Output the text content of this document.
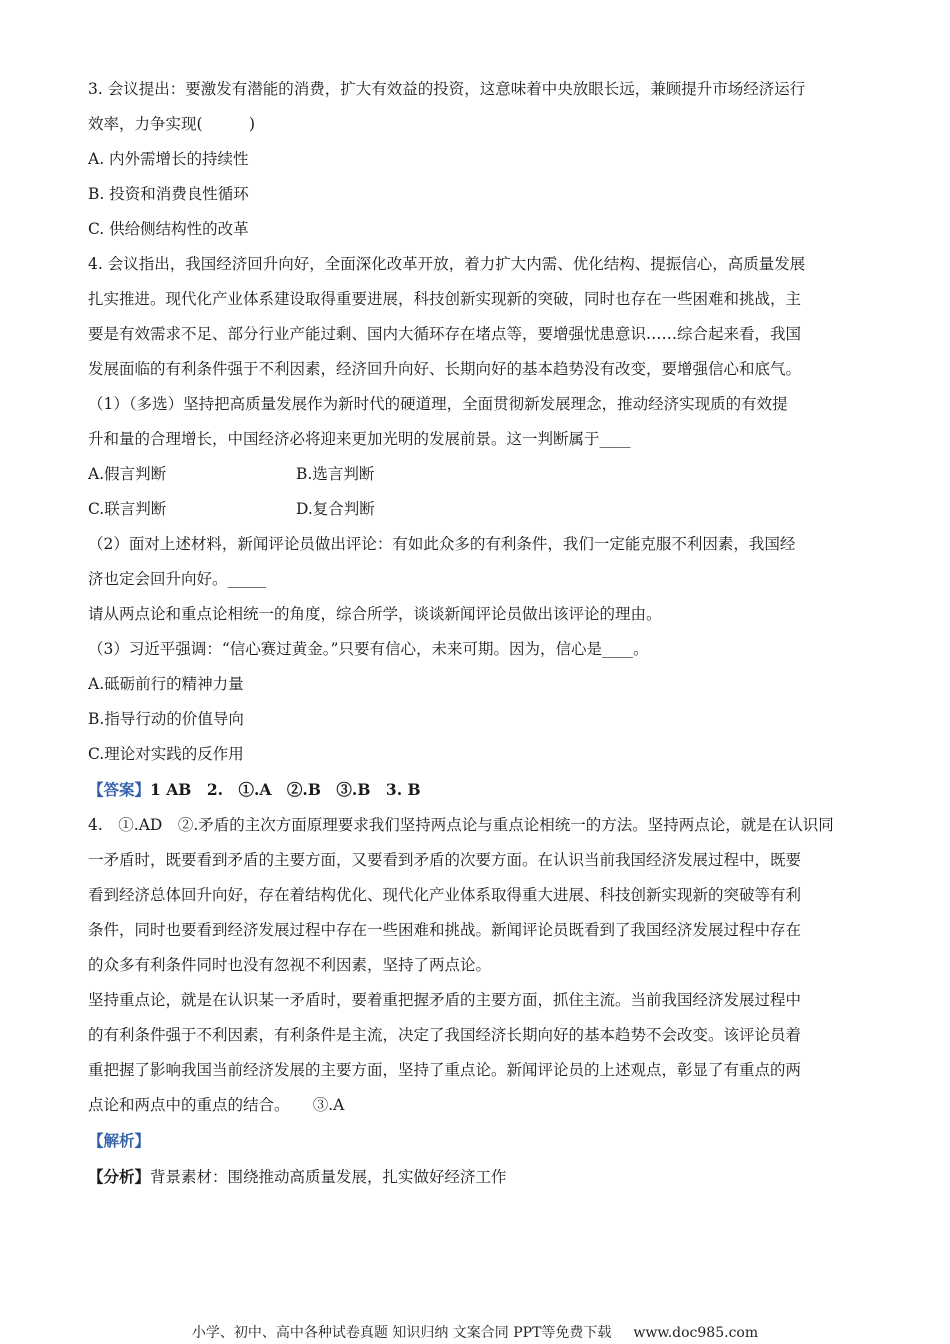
3. 会议提出：要激发有潜能的消费，扩大有效益的投资，这意味着中央放眼长远，兼顾提升市场经济运行

效率，力争实现(　　　)

A. 内外需增长的持续性

B. 投资和消费良性循环

C. 供给侧结构性的改革

4. 会议指出，我国经济回升向好，全面深化改革开放，着力扩大内需、优化结构、提振信心，高质量发展

扎实推进。现代化产业体系建设取得重要进展，科技创新实现新的突破，同时也存在一些困难和挑战，主

要是有效需求不足、部分行业产能过剩、国内大循环存在堵点等，要增强忧患意识……综合起来看，我国

发展面临的有利条件强于不利因素，经济回升向好、长期向好的基本趋势没有改变，要增强信心和底气。

（1）（多选）坚持把高质量发展作为新时代的硬道理，全面贯彻新发展理念，推动经济实现质的有效提

升和量的合理增长，中国经济必将迎来更加光明的发展前景。这一判断属于____

A.假言判断	B.选言判断
C.联言判断	D.复合判断

（2）面对上述材料，新闻评论员做出评论：有如此众多的有利条件，我们一定能克服不利因素，我国经

济也定会回升向好。_____

请从两点论和重点论相统一的角度，综合所学，谈谈新闻评论员做出该评论的理由。

（3）习近平强调：“信心赛过黄金。”只要有信心，未来可期。因为，信心是____。

A.砥砺前行的精神力量

B.指导行动的价值导向

C.理论对实践的反作用

【答案】1 AB　2.　①.A　②.B　③.B　3. B

4.　①.AD　②.矛盾的主次方面原理要求我们坚持两点论与重点论相统一的方法。坚持两点论，就是在认识同

一矛盾时，既要看到矛盾的主要方面，又要看到矛盾的次要方面。在认识当前我国经济发展过程中，既要

看到经济总体回升向好，存在着结构优化、现代化产业体系取得重大进展、科技创新实现新的突破等有利

条件，同时也要看到经济发展过程中存在一些困难和挑战。新闻评论员既看到了我国经济发展过程中存在

的众多有利条件同时也没有忽视不利因素，坚持了两点论。

坚持重点论，就是在认识某一矛盾时，要着重把握矛盾的主要方面，抓住主流。当前我国经济发展过程中

的有利条件强于不利因素，有利条件是主流，决定了我国经济长期向好的基本趋势不会改变。该评论员着

重把握了影响我国当前经济发展的主要方面，坚持了重点论。新闻评论员的上述观点，彰显了有重点的两

点论和两点中的重点的结合。　　③.A

【解析】

【分析】背景素材：围绕推动高质量发展，扎实做好经济工作

小学、初中、高中各种试卷真题 知识归纳 文案合同 PPT等免费下载 www.doc985.com
